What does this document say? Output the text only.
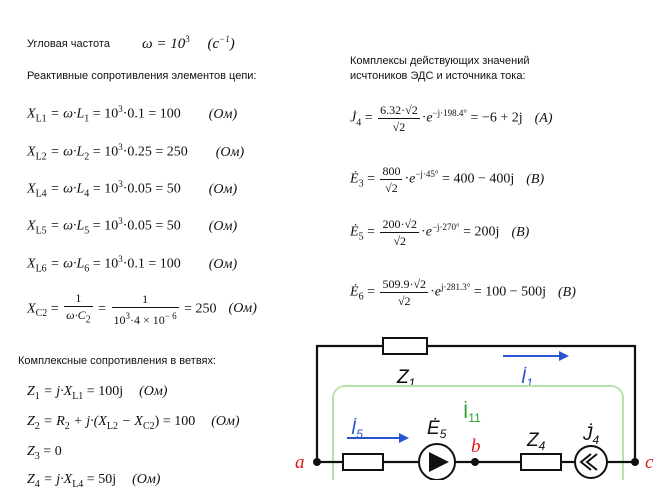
Угловая частота $\omega = 10^3$ $(c^{-1})$
Реактивные сопротивления элементов цепи:
$X_{L1} = \omega\cdot L_1 = 10^3\cdot 0.1 = 100$ (Ом)
$X_{L2} = \omega\cdot L_2 = 10^3\cdot 0.25 = 250$ (Ом)
$X_{L4} = \omega\cdot L_4 = 10^3\cdot 0.05 = 50$ (Ом)
$X_{L5} = \omega\cdot L_5 = 10^3\cdot 0.05 = 50$ (Ом)
$X_{L6} = \omega\cdot L_6 = 10^3\cdot 0.1 = 100$ (Ом)
$X_{C2} = \frac{1}{\omega\cdot C_2} = \frac{1}{10^3\cdot 4 \times 10^{- 6}} = 250$ (Ом)
Комплексы действующих значений
исчтоников ЭДС и источника тока:
$J̇_4 = \frac{6.32\cdot√2}{√2} \cdot e^{-j\cdot 198.4^\circ} = -6 + 2j$ (A)
$Ė_3 = \frac{800}{√2} \cdot e^{-j\cdot 45^\circ} = 400 - 400j$ (B)
$Ė_5 = \frac{200\cdot√2}{√2} \cdot e^{-j\cdot 270^\circ} = 200j$ (B)
$Ė_6 = \frac{509.9\cdot√2}{√2} \cdot e^{j\cdot 281.3^\circ} = 100 - 500j$ (B)
Комплексные сопротивления в ветвях:
$Z_1 = j\cdot X_{L1} = 100j$ (Ом)
$Z_2 = R_2 + j\cdot(X_{L2} - X_{C2}) = 100$ (Ом)
$Z_3 = 0$
$Z_4 = j\cdot X_{L4} = 50j$ (Ом)
$Z_1$	$İ_1$
$İ_{11}$
a
b
c
$İ_5$	$Ė_5$	$Z_4$
$J̇_4$
